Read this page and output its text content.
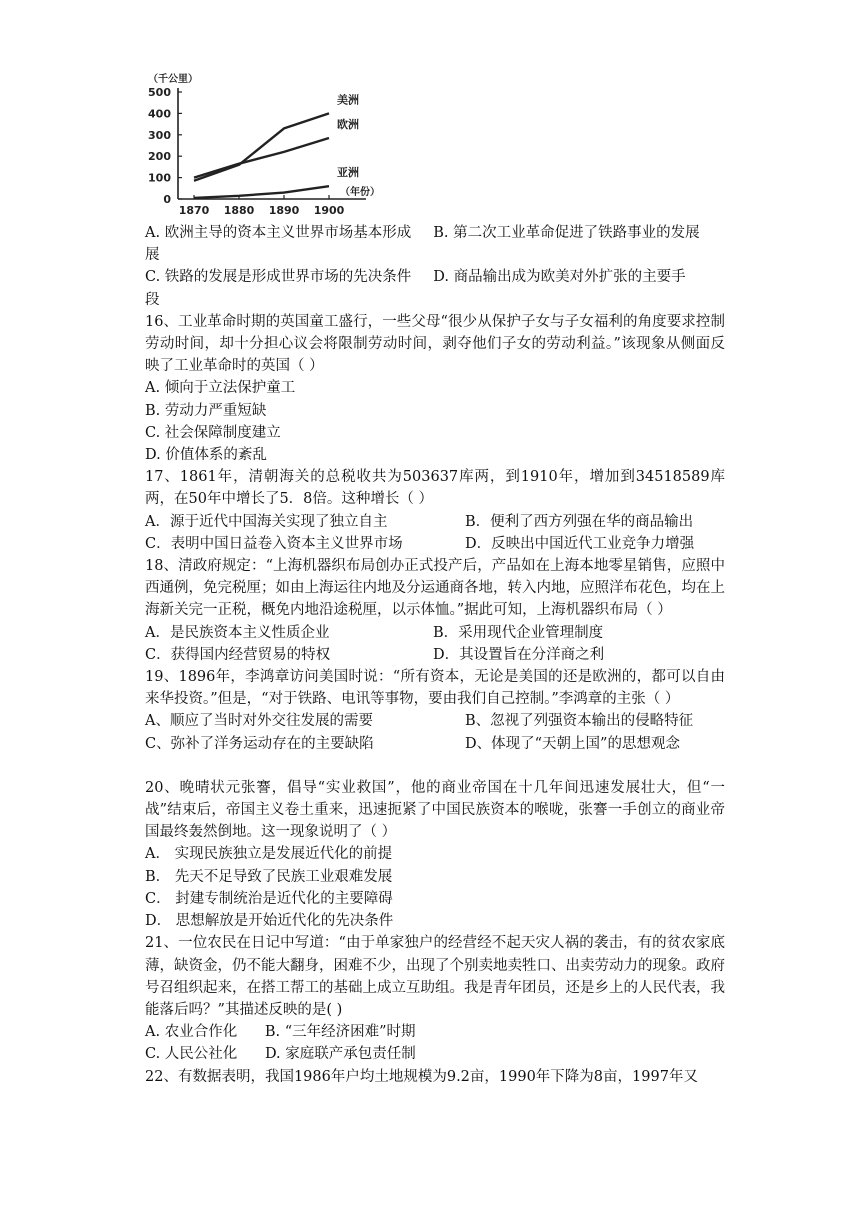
500
400
300
200
100
0
1870 1880 1890 1900
（千公里）
（年份）
美洲
欧洲
亚洲
A. 欧洲主导的资本主义世界市场基本形成 B. 第二次工业革命促进了铁路事业的发展
展
C. 铁路的发展是形成世界市场的先决条件 D. 商品输出成为欧美对外扩张的主要手
段
16、工业革命时期的英国童工盛行，一些父母“很少从保护子女与子女福利的角度要求控制劳动时间，却十分担心议会将限制劳动时间，剥夺他们子女的劳动利益。”该现象从侧面反映了工业革命时的英国（ ）
A. 倾向于立法保护童工
B. 劳动力严重短缺
C. 社会保障制度建立
D. 价值体系的紊乱
17、1861年，清朝海关的总税收共为503637库两，到1910年，增加到34518589库两，在50年中增长了5．8倍。这种增长（ ）
A．源于近代中国海关实现了独立自主	B．便利了西方列强在华的商品输出
C．表明中国日益卷入资本主义世界市场	D．反映出中国近代工业竞争力增强
18、清政府规定：“上海机器织布局创办正式投产后，产品如在上海本地零星销售，应照中西通例，免完税厘；如由上海运往内地及分运通商各地，转入内地，应照洋布花色，均在上海新关完一正税，概免内地沿途税厘，以示体恤。”据此可知，上海机器织布局（ ）
A．是民族资本主义性质企业	B．采用现代企业管理制度
C．获得国内经营贸易的特权	D．其设置旨在分洋商之利
19、1896年，李鸿章访问美国时说：“所有资本，无论是美国的还是欧洲的，都可以自由来华投资。”但是，“对于铁路、电讯等事物，要由我们自己控制。”李鸿章的主张（ ）
A、顺应了当时对外交往发展的需要	B、忽视了列强资本输出的侵略特征
C、弥补了洋务运动存在的主要缺陷	D、体现了“天朝上国”的思想观念
20、晚晴状元张謇，倡导“实业救国”，他的商业帝国在十几年间迅速发展壮大，但“一战”结束后，帝国主义卷土重来，迅速扼紧了中国民族资本的喉咙，张謇一手创立的商业帝国最终轰然倒地。这一现象说明了（ ）
A． 实现民族独立是发展近代化的前提
B． 先天不足导致了民族工业艰难发展
C． 封建专制统治是近代化的主要障碍
D． 思想解放是开始近代化的先决条件
21、一位农民在日记中写道：“由于单家独户的经营经不起天灾人祸的袭击，有的贫农家底薄，缺资金，仍不能大翻身，困难不少，出现了个别卖地卖牲口、出卖劳动力的现象。政府号召组织起来，在搭工帮工的基础上成立互助组。我是青年团员，还是乡上的人民代表，我能落后吗？”其描述反映的是( )
A. 农业合作化      B. “三年经济困难”时期
C. 人民公社化      D. 家庭联产承包责任制
22、有数据表明，我国1986年户均土地规模为9.2亩，1990年下降为8亩，1997年又
